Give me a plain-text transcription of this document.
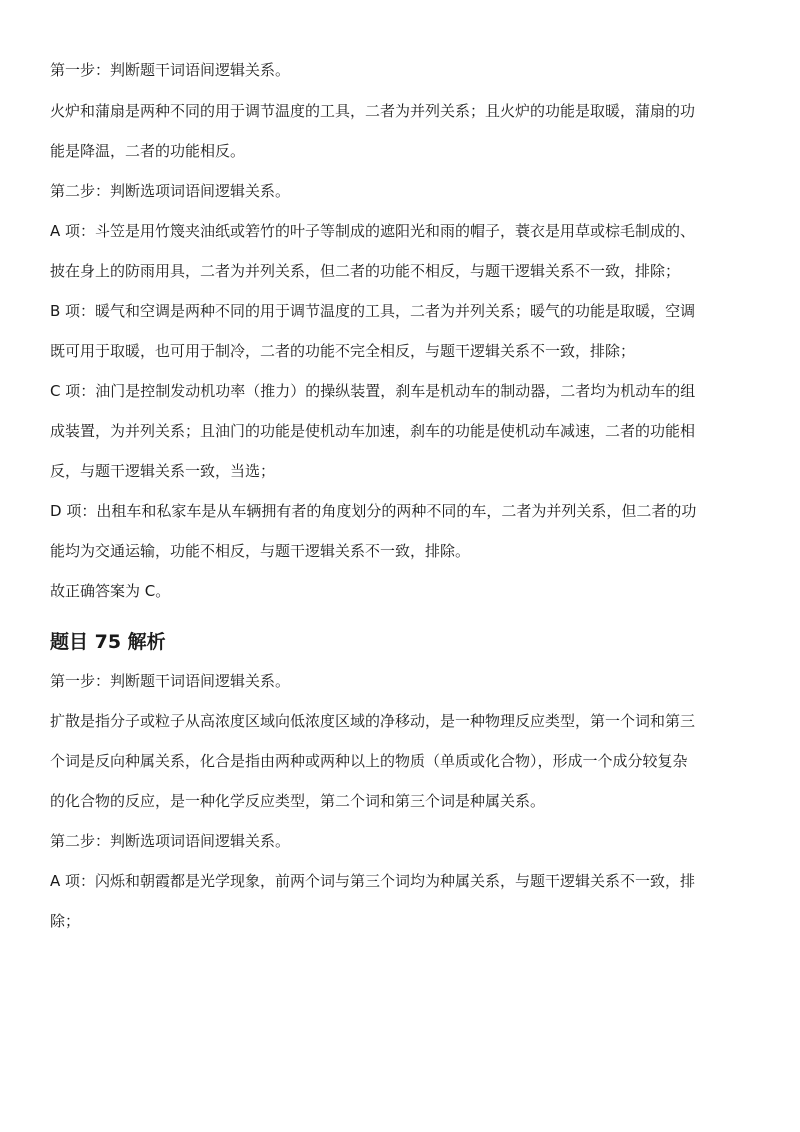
第一步：判断题干词语间逻辑关系。
火炉和蒲扇是两种不同的用于调节温度的工具，二者为并列关系；且火炉的功能是取暖，蒲扇的功
能是降温，二者的功能相反。
第二步：判断选项词语间逻辑关系。
A 项：斗笠是用竹篾夹油纸或箬竹的叶子等制成的遮阳光和雨的帽子，蓑衣是用草或棕毛制成的、
披在身上的防雨用具，二者为并列关系，但二者的功能不相反，与题干逻辑关系不一致，排除；
B 项：暖气和空调是两种不同的用于调节温度的工具，二者为并列关系；暖气的功能是取暖，空调
既可用于取暖，也可用于制冷，二者的功能不完全相反，与题干逻辑关系不一致，排除；
C 项：油门是控制发动机功率（推力）的操纵装置，刹车是机动车的制动器，二者均为机动车的组
成装置，为并列关系；且油门的功能是使机动车加速，刹车的功能是使机动车减速，二者的功能相
反，与题干逻辑关系一致，当选；
D 项：出租车和私家车是从车辆拥有者的角度划分的两种不同的车，二者为并列关系，但二者的功
能均为交通运输，功能不相反，与题干逻辑关系不一致，排除。
故正确答案为 C。
题目 75 解析
第一步：判断题干词语间逻辑关系。
扩散是指分子或粒子从高浓度区域向低浓度区域的净移动，是一种物理反应类型，第一个词和第三
个词是反向种属关系，化合是指由两种或两种以上的物质（单质或化合物），形成一个成分较复杂
的化合物的反应，是一种化学反应类型，第二个词和第三个词是种属关系。
第二步：判断选项词语间逻辑关系。
A 项：闪烁和朝霞都是光学现象，前两个词与第三个词均为种属关系，与题干逻辑关系不一致，排
除；
